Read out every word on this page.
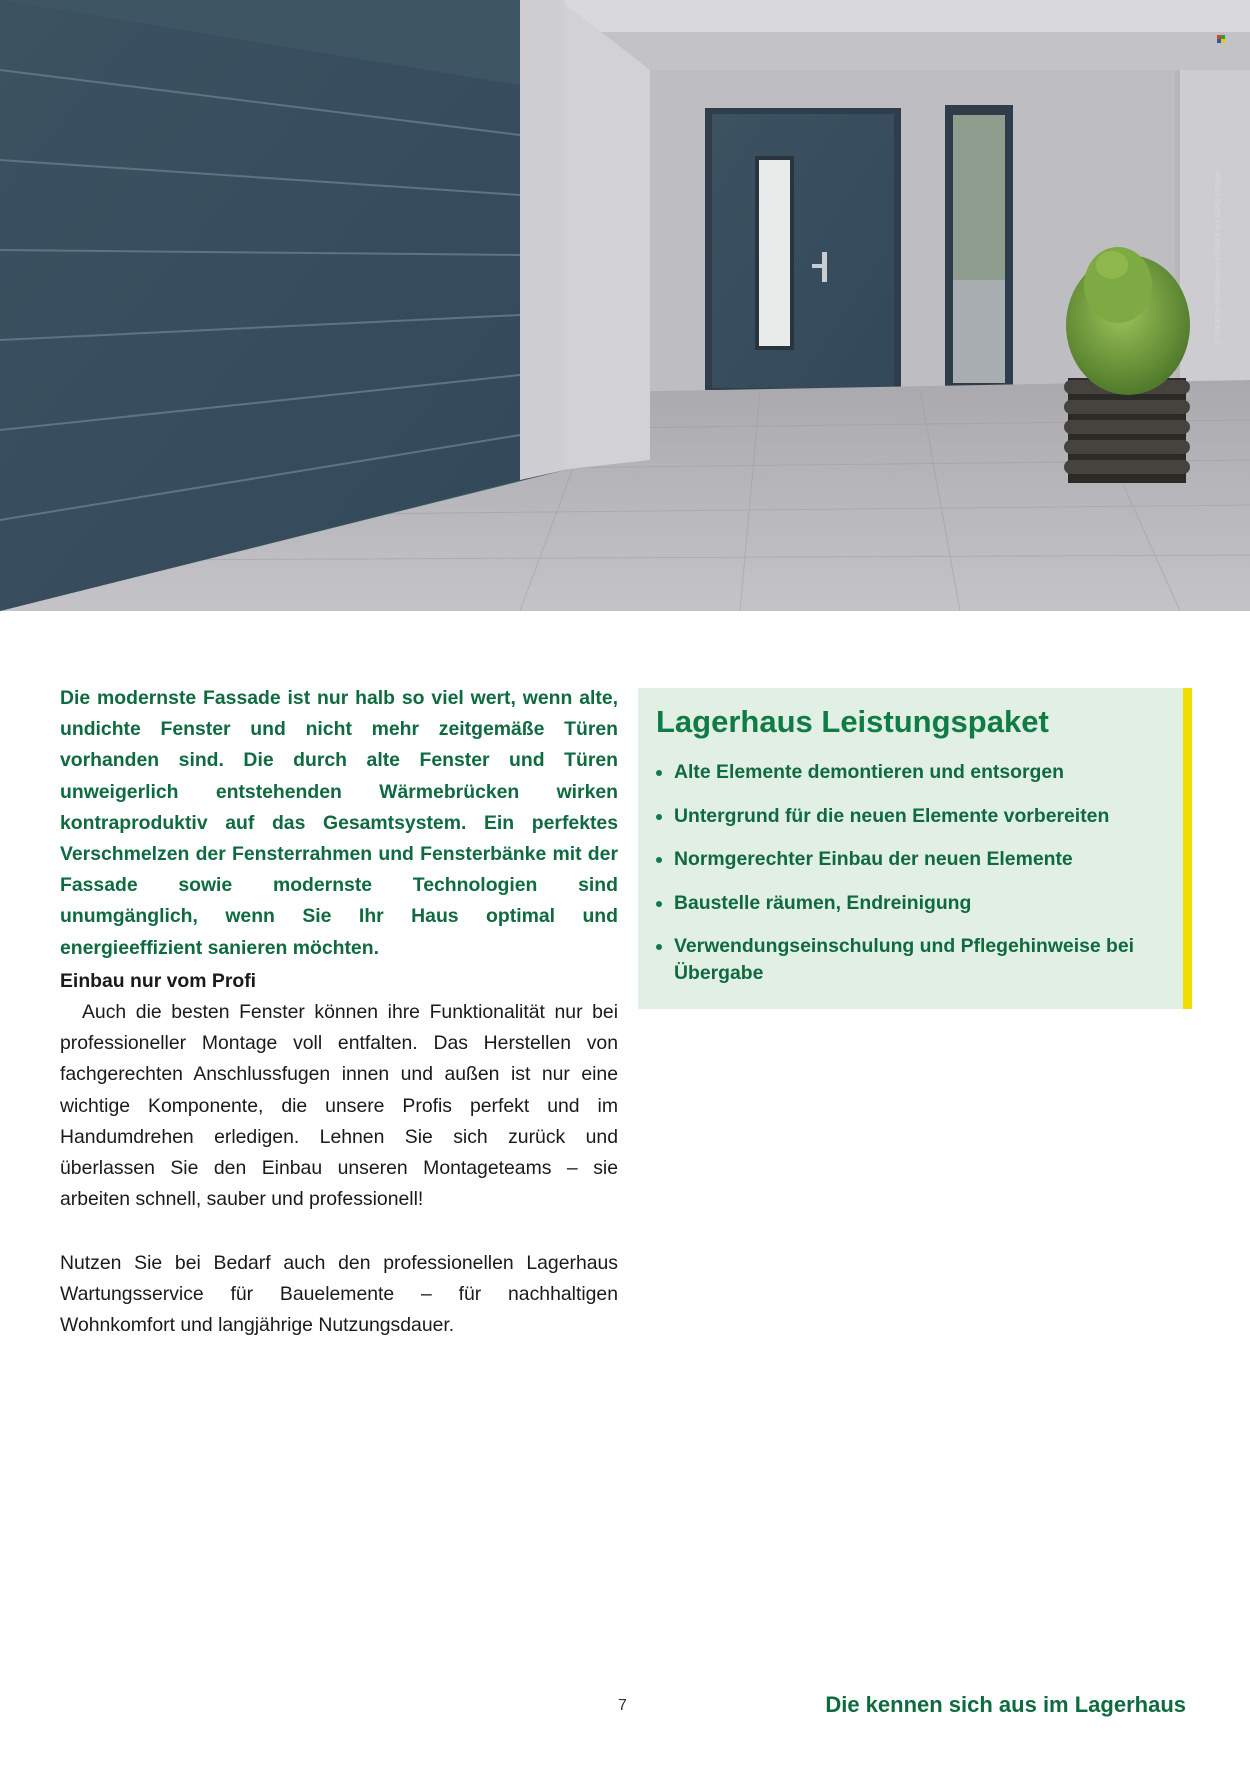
© KatarzynaBialasiewicz/iStock via Getty Images

Die modernste Fassade ist nur halb so viel wert, wenn alte, undichte Fenster und nicht mehr zeitgemäße Türen vorhanden sind. Die durch alte Fenster und Türen unweigerlich entstehenden Wärmebrücken wirken kontraproduktiv auf das Gesamtsystem. Ein perfektes Verschmelzen der Fensterrahmen und Fensterbänke mit der Fassade sowie modernste Technologien sind unumgänglich, wenn Sie Ihr Haus optimal und energieeffizient sanieren möchten.

Einbau nur vom Profi

Auch die besten Fenster können ihre Funktionalität nur bei professioneller Montage voll entfalten. Das Herstellen von fachgerechten Anschlussfugen innen und außen ist nur eine wichtige Komponente, die unsere Profis perfekt und im Handumdrehen erledigen. Lehnen Sie sich zurück und überlassen Sie den Einbau unseren Montageteams – sie arbeiten schnell, sauber und professionell!

Nutzen Sie bei Bedarf auch den professionellen Lagerhaus Wartungsservice für Bauelemente – für nachhaltigen Wohnkomfort und langjährige Nutzungsdauer.

Lagerhaus Leistungspaket
Alte Elemente demontieren und entsorgen
Untergrund für die neuen Elemente vorbereiten
Normgerechter Einbau der neuen Elemente
Baustelle räumen, Endreinigung
Verwendungseinschulung und Pflegehinweise bei Übergabe
7	Die kennen sich aus im Lagerhaus
